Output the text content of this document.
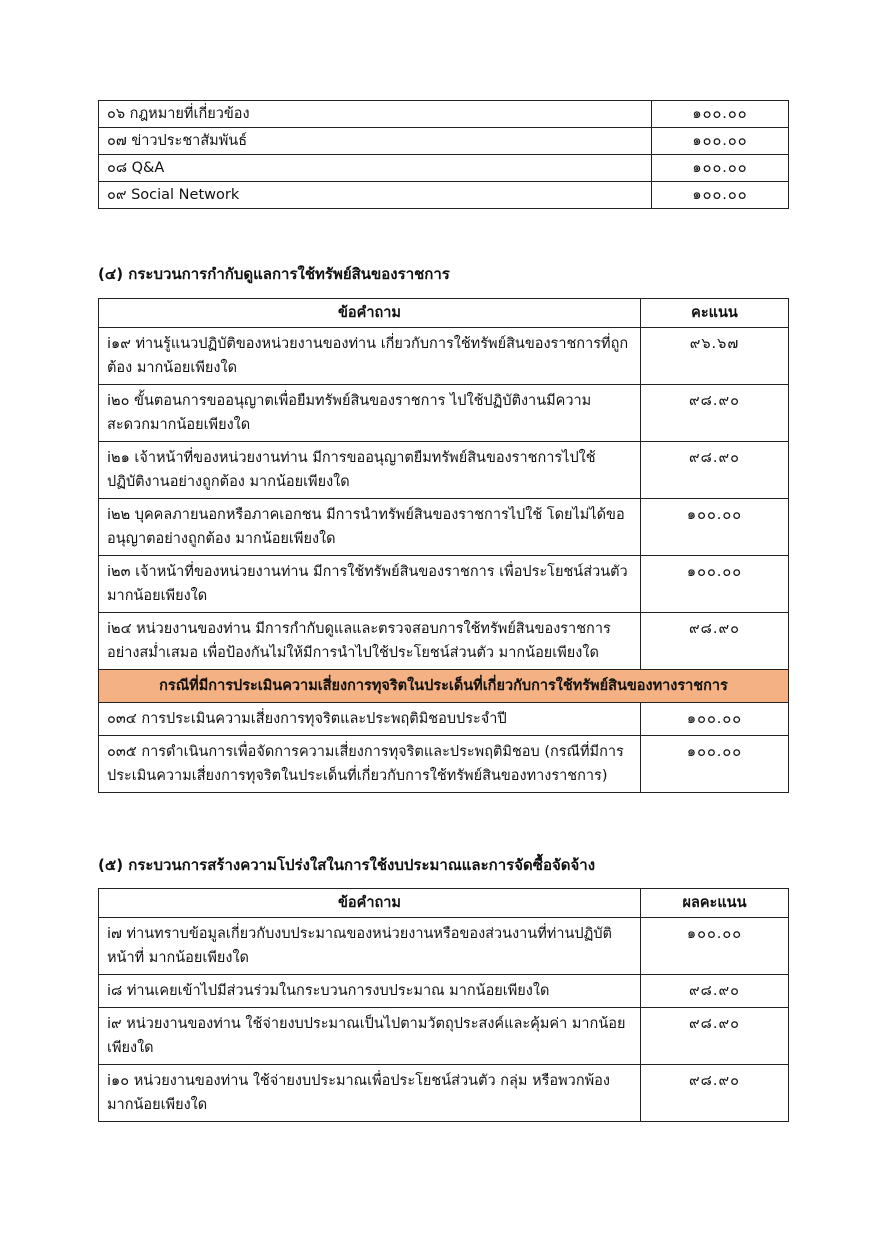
๐๖ กฎหมายที่เกี่ยวข้อง	๑๐๐.๐๐
๐๗ ข่าวประชาสัมพันธ์	๑๐๐.๐๐
๐๘ Q&A	๑๐๐.๐๐
๐๙ Social Network	๑๐๐.๐๐
(๔) กระบวนการกำกับดูแลการใช้ทรัพย์สินของราชการ
ข้อคำถาม	คะแนน
i๑๙ ท่านรู้แนวปฏิบัติของหน่วยงานของท่าน เกี่ยวกับการใช้ทรัพย์สินของราชการที่ถูกต้อง มากน้อยเพียงใด	๙๖.๖๗
i๒๐ ขั้นตอนการขออนุญาตเพื่อยืมทรัพย์สินของราชการ ไปใช้ปฏิบัติงานมีความสะดวกมากน้อยเพียงใด	๙๘.๙๐
i๒๑ เจ้าหน้าที่ของหน่วยงานท่าน มีการขออนุญาตยืมทรัพย์สินของราชการไปใช้ปฏิบัติงานอย่างถูกต้อง มากน้อยเพียงใด	๙๘.๙๐
i๒๒ บุคคลภายนอกหรือภาคเอกชน มีการนำทรัพย์สินของราชการไปใช้ โดยไม่ได้ขออนุญาตอย่างถูกต้อง มากน้อยเพียงใด	๑๐๐.๐๐
i๒๓ เจ้าหน้าที่ของหน่วยงานท่าน มีการใช้ทรัพย์สินของราชการ เพื่อประโยชน์ส่วนตัว มากน้อยเพียงใด	๑๐๐.๐๐
i๒๔ หน่วยงานของท่าน มีการกำกับดูแลและตรวจสอบการใช้ทรัพย์สินของราชการอย่างสม่ำเสมอ เพื่อป้องกันไม่ให้มีการนำไปใช้ประโยชน์ส่วนตัว มากน้อยเพียงใด	๙๘.๙๐
กรณีที่มีการประเมินความเสี่ยงการทุจริตในประเด็นที่เกี่ยวกับการใช้ทรัพย์สินของทางราชการ	
๐๓๔ การประเมินความเสี่ยงการทุจริตและประพฤติมิชอบประจำปี	๑๐๐.๐๐
๐๓๕ การดำเนินการเพื่อจัดการความเสี่ยงการทุจริตและประพฤติมิชอบ (กรณีที่มีการประเมินความเสี่ยงการทุจริตในประเด็นที่เกี่ยวกับการใช้ทรัพย์สินของทางราชการ)	๑๐๐.๐๐
(๕) กระบวนการสร้างความโปร่งใสในการใช้งบประมาณและการจัดซื้อจัดจ้าง
ข้อคำถาม	ผลคะแนน
i๗ ท่านทราบข้อมูลเกี่ยวกับงบประมาณของหน่วยงานหรือของส่วนงานที่ท่านปฏิบัติหน้าที่ มากน้อยเพียงใด	๑๐๐.๐๐
i๘ ท่านเคยเข้าไปมีส่วนร่วมในกระบวนการงบประมาณ มากน้อยเพียงใด	๙๘.๙๐
i๙ หน่วยงานของท่าน ใช้จ่ายงบประมาณเป็นไปตามวัตถุประสงค์และคุ้มค่า มากน้อยเพียงใด	๙๘.๙๐
i๑๐ หน่วยงานของท่าน ใช้จ่ายงบประมาณเพื่อประโยชน์ส่วนตัว กลุ่ม หรือพวกพ้อง มากน้อยเพียงใด	๙๘.๙๐
